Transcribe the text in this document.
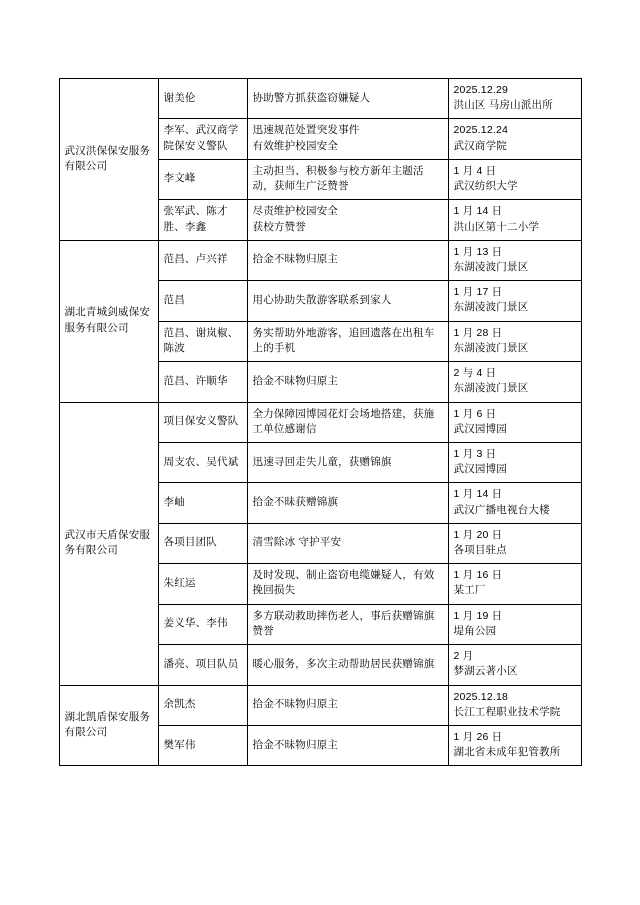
武汉洪保保安服务有限公司	谢美伦	协助警方抓获盗窃嫌疑人	2025.12.29
洪山区 马房山派出所

	李军、武汉商学院保安义警队	迅速规范处置突发事件
有效维护校园安全	2025.12.24
武汉商学院

	李文峰	主动担当、积极参与校方新年主题活动，获师生广泛赞誉	1 月 4 日
武汉纺织大学

	张军武、陈才胜、李鑫	尽责维护校园安全
获校方赞誉	1 月 14 日
洪山区第十二小学

湖北青城剑威保安服务有限公司	范昌、卢兴祥	拾金不昧物归原主	1 月 13 日
东湖凌波门景区

	范昌	用心协助失散游客联系到家人	1 月 17 日
东湖凌波门景区

	范昌、谢岚椒、陈波	务实帮助外地游客，追回遗落在出租车上的手机	1 月 28 日
东湖凌波门景区

	范昌、许顺华	拾金不昧物归原主	2 与 4 日
东湖凌波门景区

武汉市天盾保安服务有限公司	项目保安义警队	全力保障园博园花灯会场地搭建，获施工单位感谢信	1 月 6 日
武汉园博园

	周支农、吴代斌	迅速寻回走失儿童，获赠锦旗	1 月 3 日
武汉园博园

	李岫	拾金不昧获赠锦旗	1 月 14 日
武汉广播电视台大楼

	各项目团队	清雪除冰 守护平安	1 月 20 日
各项目驻点

	朱红运	及时发现、制止盗窃电缆嫌疑人，有效挽回损失	1 月 16 日
某工厂

	姜义华、李伟	多方联动救助摔伤老人，事后获赠锦旗赞誉	1 月 19 日
堤角公园

	潘亮、项目队员	暖心服务，多次主动帮助居民获赠锦旗	2 月
梦湖云著小区

湖北凯盾保安服务有限公司	余凯杰	拾金不昧物归原主	2025.12.18
长江工程职业技术学院

	樊军伟	拾金不昧物归原主	1 月 26 日
湖北省未成年犯管教所
